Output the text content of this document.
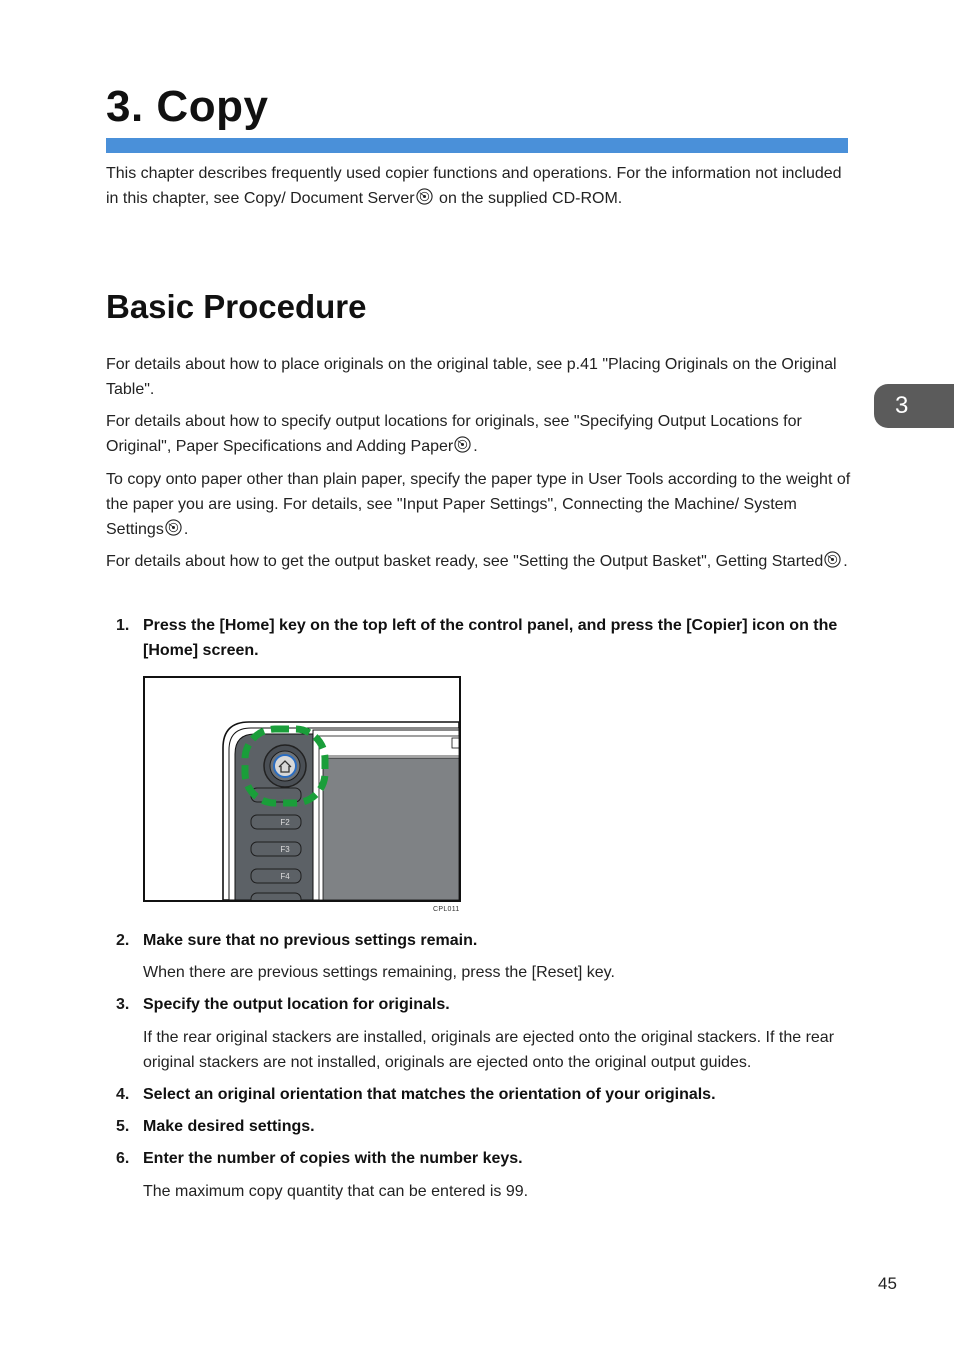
3. Copy

This chapter describes frequently used copier functions and operations. For the information not included in this chapter, see Copy/ Document Server on the supplied CD-ROM.

Basic Procedure
3

For details about how to place originals on the original table, see p.41 "Placing Originals on the Original Table".

For details about how to specify output locations for originals, see "Specifying Output Locations for Original", Paper Specifications and Adding Paper .

To copy onto paper other than plain paper, specify the paper type in User Tools according to the weight of the paper you are using. For details, see "Input Paper Settings", Connecting the Machine/ System Settings .

For details about how to get the output basket ready, see "Setting the Output Basket", Getting Started .

1. Press the [Home] key on the top left of the control panel, and press the [Copier] icon on the [Home] screen.
F2
F3
F4
CPL011
2. Make sure that no previous settings remain.

When there are previous settings remaining, press the [Reset] key.

3. Specify the output location for originals.

If the rear original stackers are installed, originals are ejected onto the original stackers. If the rear original stackers are not installed, originals are ejected onto the original output guides.

4. Select an original orientation that matches the orientation of your originals.
5. Make desired settings.
6. Enter the number of copies with the number keys.

The maximum copy quantity that can be entered is 99.

45
